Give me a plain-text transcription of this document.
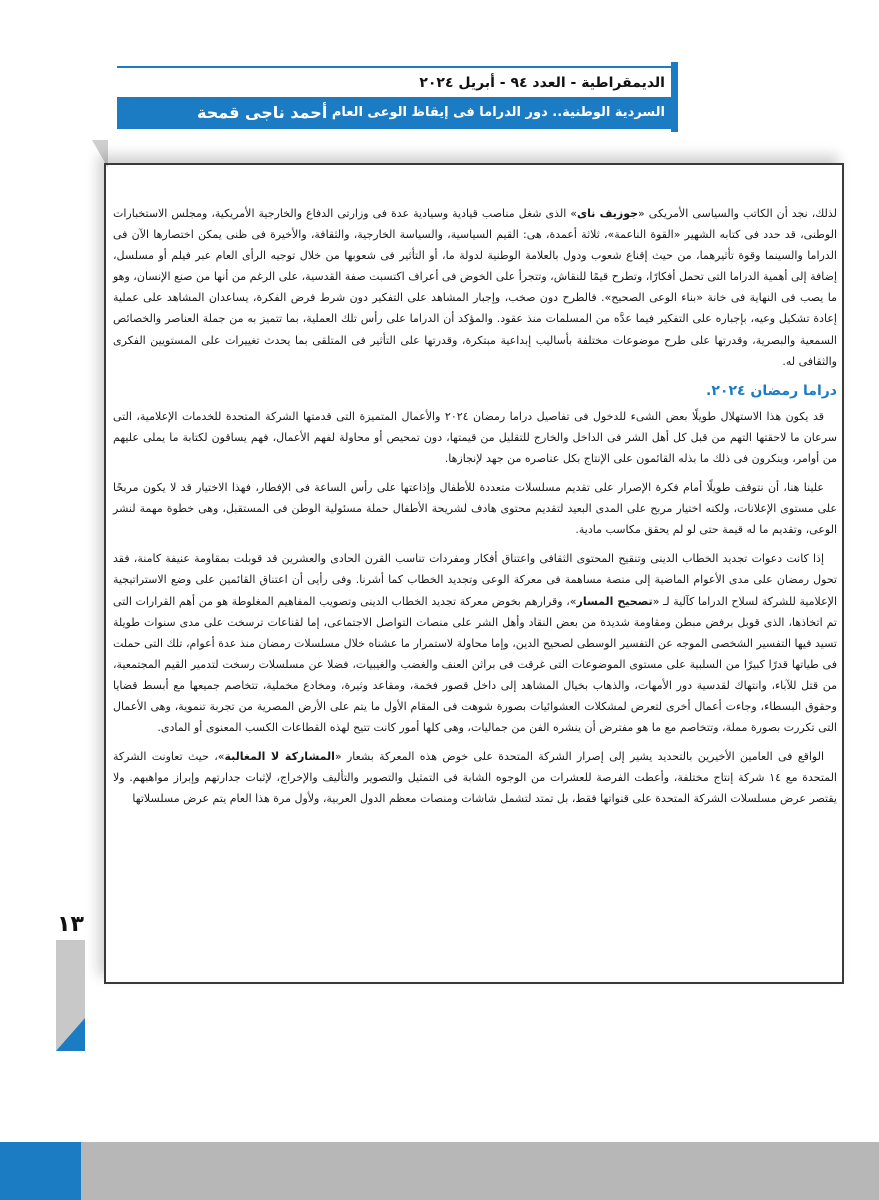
الديمقراطية - العدد ٩٤ - أبريل ٢٠٢٤
السردية الوطنية.. دور الدراما فى إيقاظ الوعى العام
أحمد ناجى قمحة

لذلك، نجد أن الكاتب والسياسى الأمريكى «جوزيف ناى» الذى شغل مناصب قيادية وسيادية عدة فى وزارتى الدفاع والخارجية الأمريكية، ومجلس الاستخبارات الوطنى، قد حدد فى كتابه الشهير «القوة الناعمة»، ثلاثة أعمدة، هى: القيم السياسية، والسياسة الخارجية، والثقافة، والأخيرة فى ظنى يمكن اختصارها الآن فى الدراما والسينما وقوة تأثيرهما، من حيث إقناع شعوب ودول بالعلامة الوطنية لدولة ما، أو التأثير فى شعوبها من خلال توجيه الرأى العام عبر فيلم أو مسلسل، إضافة إلى أهمية الدراما التى تحمل أفكارًا، وتطرح قيمًا للنقاش، وتتجرأ على الخوض فى أعراف اكتسبت صفة القدسية، على الرغم من أنها من صنع الإنسان، وهو ما يصب فى النهاية فى خانة «بناء الوعى الصحيح». فالطرح دون صخب، وإجبار المشاهد على التفكير دون شرط فرض الفكرة، يساعدان المشاهد على عملية إعادة تشكيل وعيه، بإجباره على التفكير فيما عدَّه من المسلمات منذ عقود. والمؤكد أن الدراما على رأس تلك العملية، بما تتميز به من جملة العناصر والخصائص السمعية والبصرية، وقدرتها على طرح موضوعات مختلفة بأساليب إبداعية مبتكرة، وقدرتها على التأثير فى المتلقى بما يحدث تغييرات على المستويين الفكرى والثقافى له.

دراما رمضان ٢٠٢٤.

قد يكون هذا الاستهلال طويلًا بعض الشىء للدخول فى تفاصيل دراما رمضان ٢٠٢٤ والأعمال المتميزة التى قدمتها الشركة المتحدة للخدمات الإعلامية، التى سرعان ما لاحقتها التهم من قبل كل أهل الشر فى الداخل والخارج للتقليل من قيمتها، دون تمحيص أو محاولة لفهم الأعمال، فهم يساقون لكتابة ما يملى عليهم من أوامر، وينكرون فى ذلك ما بذله القائمون على الإنتاج بكل عناصره من جهد لإنجازها.

علينا هنا، أن نتوقف طويلًا أمام فكرة الإصرار على تقديم مسلسلات متعددة للأطفال وإذاعتها على رأس الساعة فى الإفطار، فهذا الاختيار قد لا يكون مربحًا على مستوى الإعلانات، ولكنه اختيار مربح على المدى البعيد لتقديم محتوى هادف لشريحة الأطفال حملة مسئولية الوطن فى المستقبل، وهى خطوة مهمة لنشر الوعى، وتقديم ما له قيمة حتى لو لم يحقق مكاسب مادية.

إذا كانت دعوات تجديد الخطاب الدينى وتنقيح المحتوى الثقافى واعتناق أفكار ومفردات تناسب القرن الحادى والعشرين قد قوبلت بمقاومة عنيفة كامنة، فقد تحول رمضان على مدى الأعوام الماضية إلى منصة مساهمة فى معركة الوعى وتجديد الخطاب كما أشرنا. وفى رأيى أن اعتناق القائمين على وضع الاستراتيجية الإعلامية للشركة لسلاح الدراما كآلية لـ «تصحيح المسار»، وقرارهم بخوض معركة تجديد الخطاب الدينى وتصويب المفاهيم المغلوطة هو من أهم القرارات التى تم اتخاذها، الذى قوبل برفض مبطن ومقاومة شديدة من بعض النقاد وأهل الشر على منصات التواصل الاجتماعى، إما لقناعات ترسخت على مدى سنوات طويلة تسيد فيها التفسير الشخصى الموجه عن التفسير الوسطى لصحيح الدين، وإما محاولة لاستمرار ما عشناه خلال مسلسلات رمضان منذ عدة أعوام، تلك التى حملت فى طياتها قدرًا كبيرًا من السلبية على مستوى الموضوعات التى غرقت فى براثن العنف والغضب والغيبيات، فضلا عن مسلسلات رسخت لتدمير القيم المجتمعية، من قتل للآباء، وانتهاك لقدسية دور الأمهات، والذهاب بخيال المشاهد إلى داخل قصور فخمة، ومقاعد وثيرة، ومخادع مخملية، تتخاصم جميعها مع أبسط قضايا وحقوق البسطاء، وجاءت أعمال أخرى لتعرض لمشكلات العشوائيات بصورة شوهت فى المقام الأول ما يتم على الأرض المصرية من تجربة تنموية، وهى الأعمال التى تكررت بصورة مملة، وتتخاصم مع ما هو مفترض أن ينشره الفن من جماليات، وهى كلها أمور كانت تتيح لهذه القطاعات الكسب المعنوى أو المادى.

الواقع فى العامين الأخيرين بالتحديد يشير إلى إصرار الشركة المتحدة على خوض هذه المعركة بشعار «المشاركة لا المغالبة»، حيث تعاونت الشركة المتحدة مع ١٤ شركة إنتاج مختلفة، وأعطت الفرصة للعشرات من الوجوه الشابة فى التمثيل والتصوير والتأليف والإخراج، لإثبات جدارتهم وإبراز مواهبهم. ولا يقتصر عرض مسلسلات الشركة المتحدة على قنواتها فقط، بل تمتد لتشمل شاشات ومنصات معظم الدول العربية، ولأول مرة هذا العام يتم عرض مسلسلاتها

١٣
